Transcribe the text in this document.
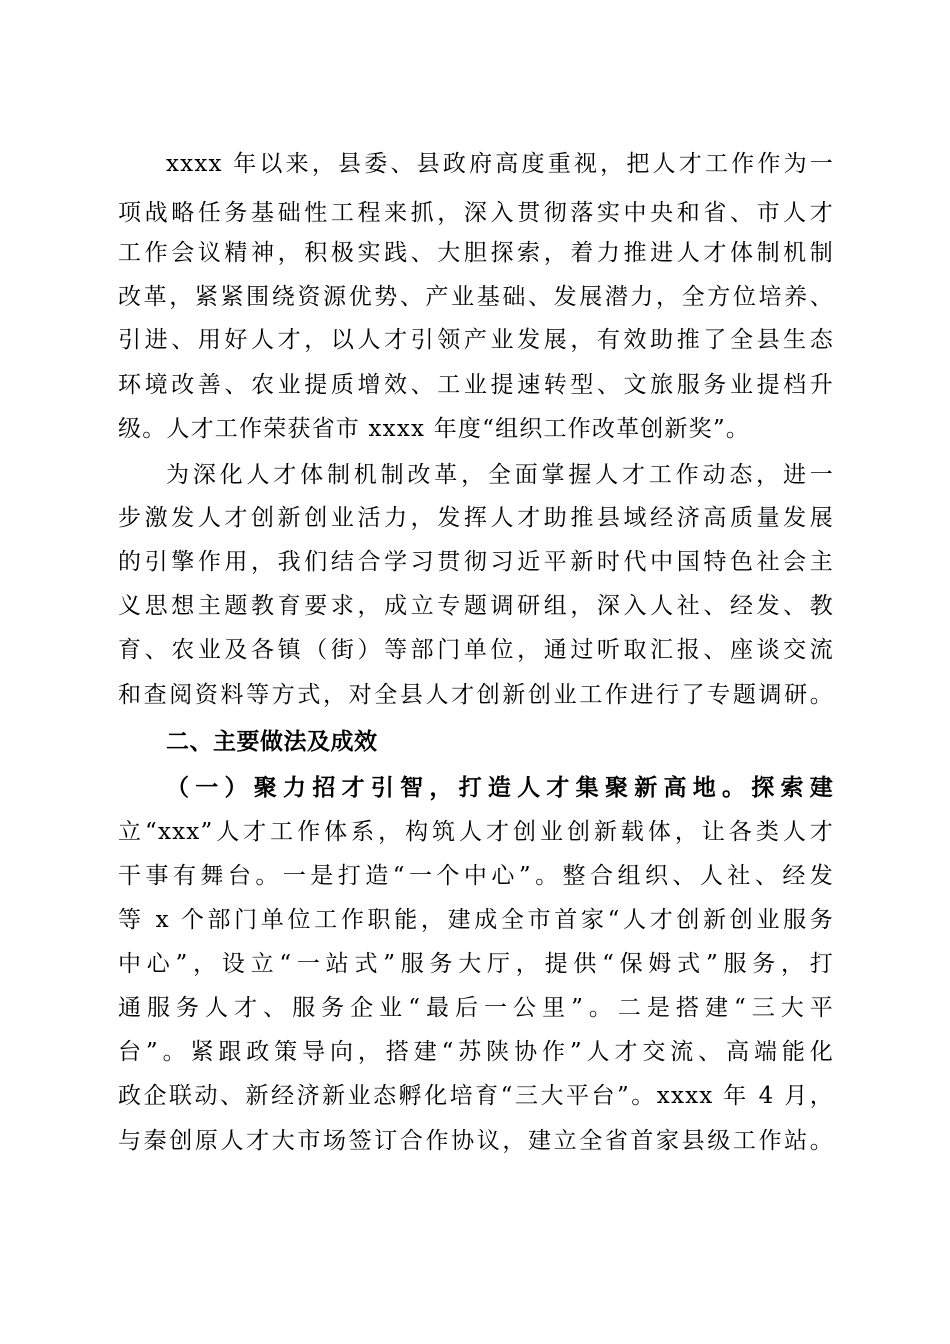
xxxx 年以来，县委、县政府高度重视，把人才工作作为一
项战略任务基础性工程来抓，深入贯彻落实中央和省、市人才
工作会议精神，积极实践、大胆探索，着力推进人才体制机制
改革，紧紧围绕资源优势、产业基础、发展潜力，全方位培养、
引进、用好人才，以人才引领产业发展，有效助推了全县生态
环境改善、农业提质增效、工业提速转型、文旅服务业提档升
级。人才工作荣获省市 xxxx 年度“组织工作改革创新奖”。
为深化人才体制机制改革，全面掌握人才工作动态，进一
步激发人才创新创业活力，发挥人才助推县域经济高质量发展
的引擎作用，我们结合学习贯彻习近平新时代中国特色社会主
义思想主题教育要求，成立专题调研组，深入人社、经发、教
育、农业及各镇（街）等部门单位，通过听取汇报、座谈交流
和查阅资料等方式，对全县人才创新创业工作进行了专题调研。
二、主要做法及成效
（一）聚力招才引智，打造人才集聚新高地。探索建
立“xxx”人才工作体系，构筑人才创业创新载体，让各类人才
干事有舞台。一是打造“一个中心”。整合组织、人社、经发
等 x 个部门单位工作职能，建成全市首家“人才创新创业服务
中心”，设立“一站式”服务大厅，提供“保姆式”服务，打
通服务人才、服务企业“最后一公里”。二是搭建“三大平
台”。紧跟政策导向，搭建“苏陕协作”人才交流、高端能化
政企联动、新经济新业态孵化培育“三大平台”。xxxx 年 4 月，
与秦创原人才大市场签订合作协议，建立全省首家县级工作站。
